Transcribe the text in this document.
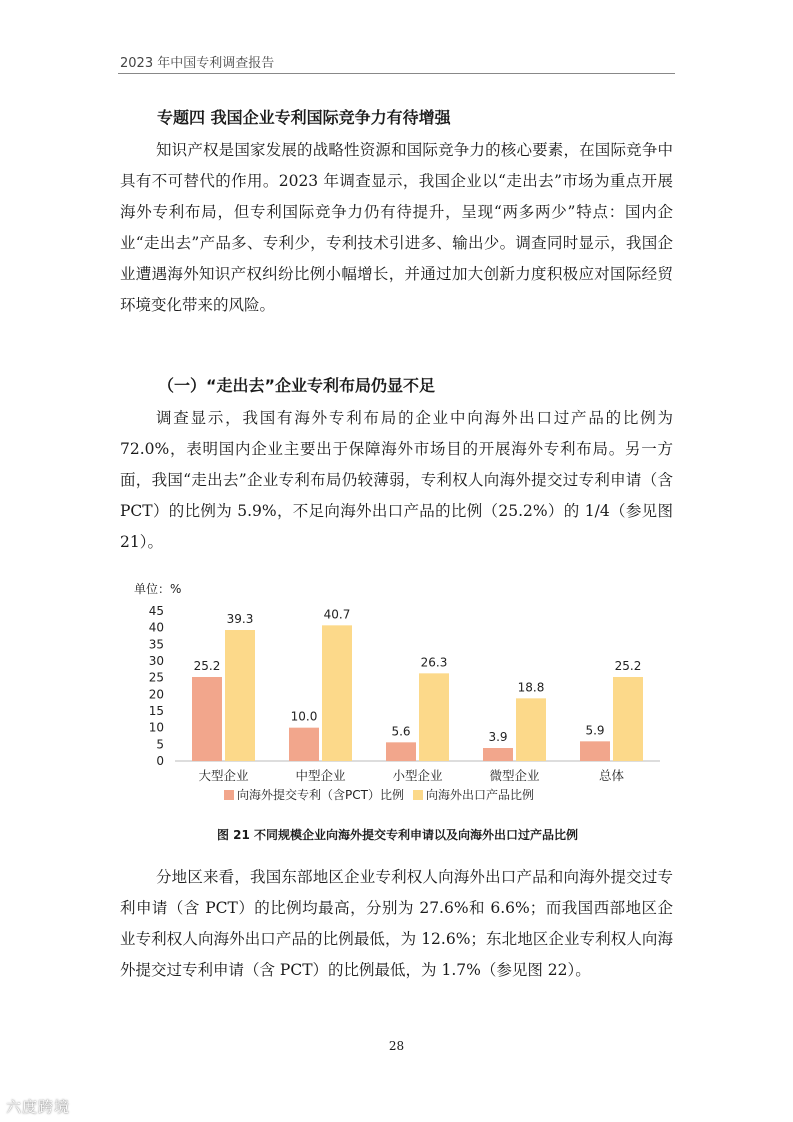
2023 年中国专利调查报告
专题四 我国企业专利国际竞争力有待增强

知识产权是国家发展的战略性资源和国际竞争力的核心要素，在国际竞争中具有不可替代的作用。2023 年调查显示，我国企业以“走出去”市场为重点开展海外专利布局，但专利国际竞争力仍有待提升，呈现“两多两少”特点：国内企业“走出去”产品多、专利少，专利技术引进多、输出少。调查同时显示，我国企业遭遇海外知识产权纠纷比例小幅增长，并通过加大创新力度积极应对国际经贸环境变化带来的风险。

（一）“走出去”企业专利布局仍显不足

调查显示，我国有海外专利布局的企业中向海外出口过产品的比例为 72.0%，表明国内企业主要出于保障海外市场目的开展海外专利布局。另一方面，我国“走出去”企业专利布局仍较薄弱，专利权人向海外提交过专利申请（含 PCT）的比例为 5.9%，不足向海外出口产品的比例（25.2%）的 1/4（参见图 21）。

单位：%
0
5
10
15
20
25
30
35
40
45
25.2
39.3
大型企业
10.0
40.7
中型企业
5.6
26.3
小型企业
3.9
18.8
微型企业
5.9
25.2
总体
向海外提交专利（含PCT）比例 向海外出口产品比例
图 21 不同规模企业向海外提交专利申请以及向海外出口过产品比例

分地区来看，我国东部地区企业专利权人向海外出口产品和向海外提交过专利申请（含 PCT）的比例均最高，分别为 27.6%和 6.6%；而我国西部地区企业专利权人向海外出口产品的比例最低，为 12.6%；东北地区企业专利权人向海外提交过专利申请（含 PCT）的比例最低，为 1.7%（参见图 22）。

28
六度跨境
